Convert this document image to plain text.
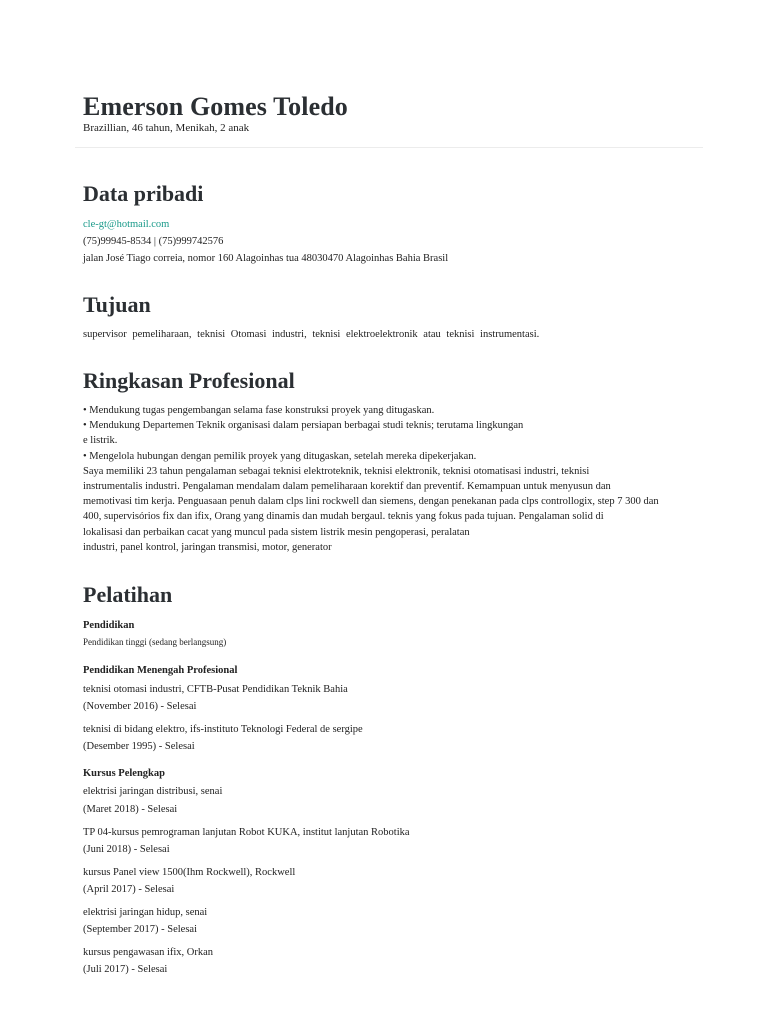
Emerson Gomes Toledo
Brazillian, 46 tahun, Menikah, 2 anak
Data pribadi
cle-gt@hotmail.com
(75)99945-8534 | (75)999742576
jalan José Tiago correia, nomor 160 Alagoinhas tua 48030470 Alagoinhas Bahia Brasil
Tujuan
supervisor pemeliharaan, teknisi Otomasi industri, teknisi elektroelektronik atau teknisi instrumentasi.
Ringkasan Profesional
• Mendukung tugas pengembangan selama fase konstruksi proyek yang ditugaskan.
• Mendukung Departemen Teknik organisasi dalam persiapan berbagai studi teknis; terutama lingkungan
e listrik.
• Mengelola hubungan dengan pemilik proyek yang ditugaskan, setelah mereka dipekerjakan.
Saya memiliki 23 tahun pengalaman sebagai teknisi elektroteknik, teknisi elektronik, teknisi otomatisasi industri, teknisi
instrumentalis industri. Pengalaman mendalam dalam pemeliharaan korektif dan preventif. Kemampuan untuk menyusun dan
memotivasi tim kerja. Penguasaan penuh dalam clps lini rockwell dan siemens, dengan penekanan pada clps controllogix, step 7 300 dan
400, supervisórios fix dan ifix, Orang yang dinamis dan mudah bergaul. teknis yang fokus pada tujuan. Pengalaman solid di
lokalisasi dan perbaikan cacat yang muncul pada sistem listrik mesin pengoperasi, peralatan
industri, panel kontrol, jaringan transmisi, motor, generator
Pelatihan
Pendidikan
Pendidikan tinggi (sedang berlangsung)
Pendidikan Menengah Profesional
teknisi otomasi industri, CFTB-Pusat Pendidikan Teknik Bahia
(November 2016) - Selesai
teknisi di bidang elektro, ifs-instituto Teknologi Federal de sergipe
(Desember 1995) - Selesai
Kursus Pelengkap
elektrisi jaringan distribusi, senai
(Maret 2018) - Selesai
TP 04-kursus pemrograman lanjutan Robot KUKA, institut lanjutan Robotika
(Juni 2018) - Selesai
kursus Panel view 1500(Ihm Rockwell), Rockwell
(April 2017) - Selesai
elektrisi jaringan hidup, senai
(September 2017) - Selesai
kursus pengawasan ifix, Orkan
(Juli 2017) - Selesai
